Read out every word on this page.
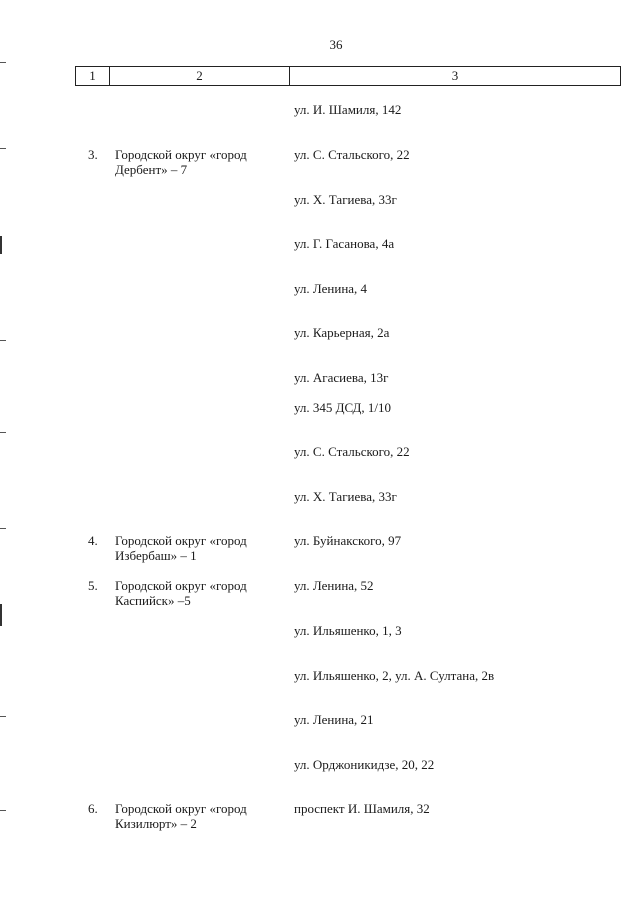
36
1	2	3
ул. И. Шамиля, 142
3. Городской округ «город Дербент» – 7
ул. С. Стальского, 22
ул. Х. Тагиева, 33г
ул. Г. Гасанова, 4а
ул. Ленина, 4
ул. Карьерная, 2а
ул. Агасиева, 13г
ул. 345 ДСД, 1/10
ул. С. Стальского, 22
ул. Х. Тагиева, 33г
4. Городской округ «город Избербаш» – 1
ул. Буйнакского, 97
5. Городской округ «город Каспийск» –5
ул. Ленина, 52
ул. Ильяшенко, 1, 3
ул. Ильяшенко, 2, ул. А. Султана, 2в
ул. Ленина, 21
ул. Орджоникидзе, 20, 22
6. Городской округ «город Кизилюрт» – 2
проспект И. Шамиля, 32
